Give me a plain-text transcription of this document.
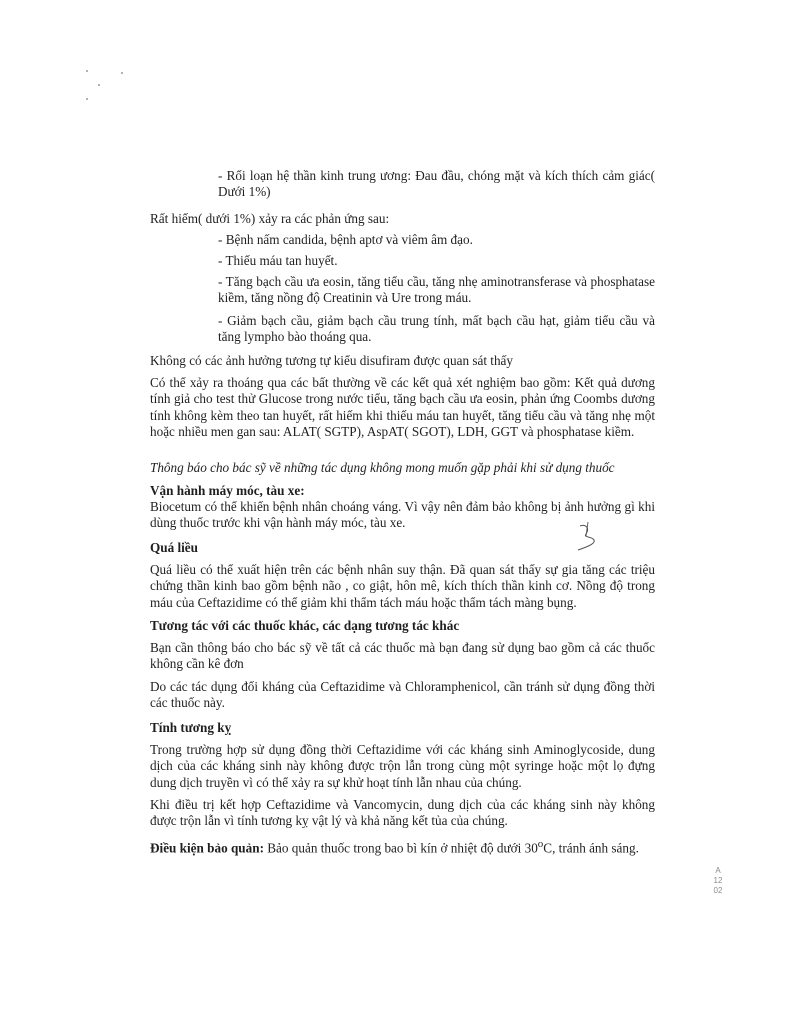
- Rối loạn hệ thần kinh trung ương: Đau đầu, chóng mặt và kích thích cảm giác( Dưới 1%)

Rất hiếm( dưới 1%) xảy ra các phản ứng sau:

- Bệnh nấm candida, bệnh aptơ và viêm âm đạo.

- Thiếu máu tan huyết.

- Tăng bạch cầu ưa eosin, tăng tiểu cầu, tăng nhẹ aminotransferase và phosphatase kiềm, tăng nồng độ Creatinin và Ure trong máu.

- Giảm bạch cầu, giảm bạch cầu trung tính, mất bạch cầu hạt, giảm tiểu cầu và tăng lympho bào thoáng qua.

Không có các ảnh hưởng tương tự kiểu disufiram được quan sát thấy

Có thể xảy ra thoáng qua các bất thường về các kết quả xét nghiệm bao gồm: Kết quả dương tính giả cho test thử Glucose trong nước tiểu, tăng bạch cầu ưa eosin, phản ứng Coombs dương tính không kèm theo tan huyết, rất hiếm khi thiếu máu tan huyết, tăng tiểu cầu và tăng nhẹ một hoặc nhiều men gan sau: ALAT( SGTP), AspAT( SGOT), LDH, GGT và phosphatase kiềm.

Thông báo cho bác sỹ về những tác dụng không mong muốn gặp phải khi sử dụng thuốc

Vận hành máy móc, tàu xe:

Biocetum có thể khiến bệnh nhân choáng váng. Vì vậy nên đảm bảo không bị ảnh hưởng gì khi dùng thuốc trước khi vận hành máy móc, tàu xe.

Quá liều

Quá liều có thể xuất hiện trên các bệnh nhân suy thận. Đã quan sát thấy sự gia tăng các triệu chứng thần kinh bao gồm bệnh não , co giật, hôn mê, kích thích thần kinh cơ. Nồng độ trong máu của Ceftazidime có thể giảm khi thẩm tách máu hoặc thẩm tách màng bụng.

Tương tác với các thuốc khác, các dạng tương tác khác

Bạn cần thông báo cho bác sỹ về tất cả các thuốc mà bạn đang sử dụng bao gồm cả các thuốc không cần kê đơn

Do các tác dụng đối kháng của Ceftazidime và Chloramphenicol, cần tránh sử dụng đồng thời các thuốc này.

Tính tương kỵ

Trong trường hợp sử dụng đồng thời Ceftazidime với các kháng sinh Aminoglycoside, dung dịch của các kháng sinh này không được trộn lẫn trong cùng một syringe hoặc một lọ đựng dung dịch truyền vì có thể xảy ra sự khử hoạt tính lẫn nhau của chúng.

Khi điều trị kết hợp Ceftazidime và Vancomycin, dung dịch của các kháng sinh này không được trộn lẫn vì tính tương kỵ vật lý và khả năng kết tủa của chúng.

Điều kiện bảo quản: Bảo quản thuốc trong bao bì kín ở nhiệt độ dưới 30$^o$C, tránh ánh sáng.

A
12
02
